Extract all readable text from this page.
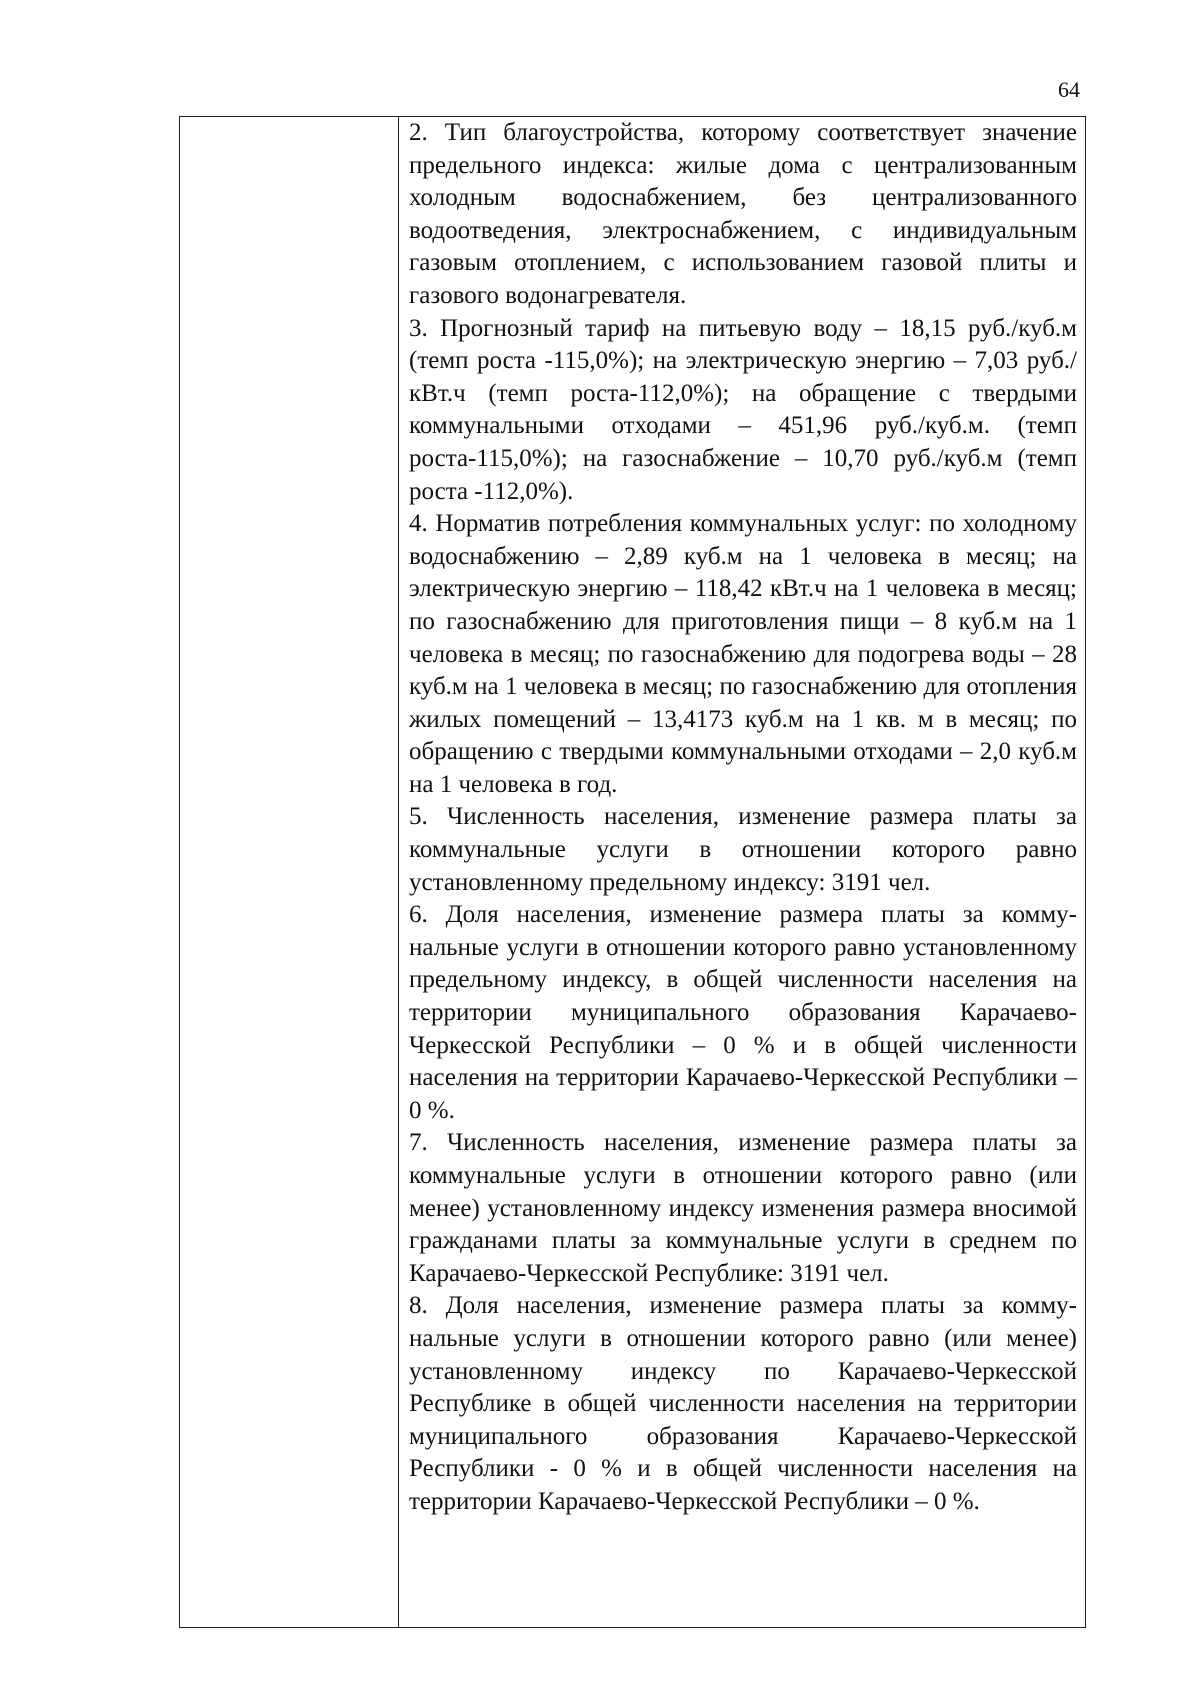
64

2. Тип благоустройства, которому соответствует значение предельного индекса: жилые дома с централизованным холодным водоснабжением, без централизованного водоотведения, электроснабжением, с индивидуальным газовым отоплением, с использованием газовой плиты и газового водонагревателя.

3. Прогнозный тариф на питьевую воду – 18,15 руб./куб.м (темп роста -115,0%); на электрическую энергию – 7,03 руб./кВт.ч (темп роста-112,0%); на обращение с твердыми коммунальными отходами – 451,96 руб./куб.м. (темп роста-115,0%); на газоснабжение – 10,70 руб./куб.м (темп роста -112,0%).

4. Норматив потребления коммунальных услуг: по холодному водоснабжению – 2,89 куб.м на 1 человека в месяц; на электрическую энергию – 118,42 кВт.ч на 1 человека в месяц; по газоснабжению для приготовления пищи – 8 куб.м на 1 человека в месяц; по газоснабжению для подогрева воды – 28 куб.м на 1 человека в месяц; по газоснабжению для отопления жилых помещений – 13,4173 куб.м на 1 кв. м в месяц; по обращению с твердыми коммунальными отходами – 2,0 куб.м на 1 человека в год.

5. Численность населения, изменение размера платы за коммунальные услуги в отношении которого равно установленному предельному индексу: 3191 чел.

6. Доля населения, изменение размера платы за коммунальные услуги в отношении которого равно установленному предельному индексу, в общей численности населения на территории муниципального образования Карачаево-Черкесской Республики – 0 % и в общей численности населения на территории Карачаево-Черкесской Республики – 0 %.

7. Численность населения, изменение размера платы за коммунальные услуги в отношении которого равно (или менее) установленному индексу изменения размера вносимой гражданами платы за коммунальные услуги в среднем по Карачаево-Черкесской Республике: 3191 чел.

8. Доля населения, изменение размера платы за коммунальные услуги в отношении которого равно (или менее) установленному индексу по Карачаево-Черкесской Республике в общей численности населения на территории муниципального образования Карачаево-Черкесской Республики - 0 % и в общей численности населения на территории Карачаево-Черкесской Республики – 0 %.
